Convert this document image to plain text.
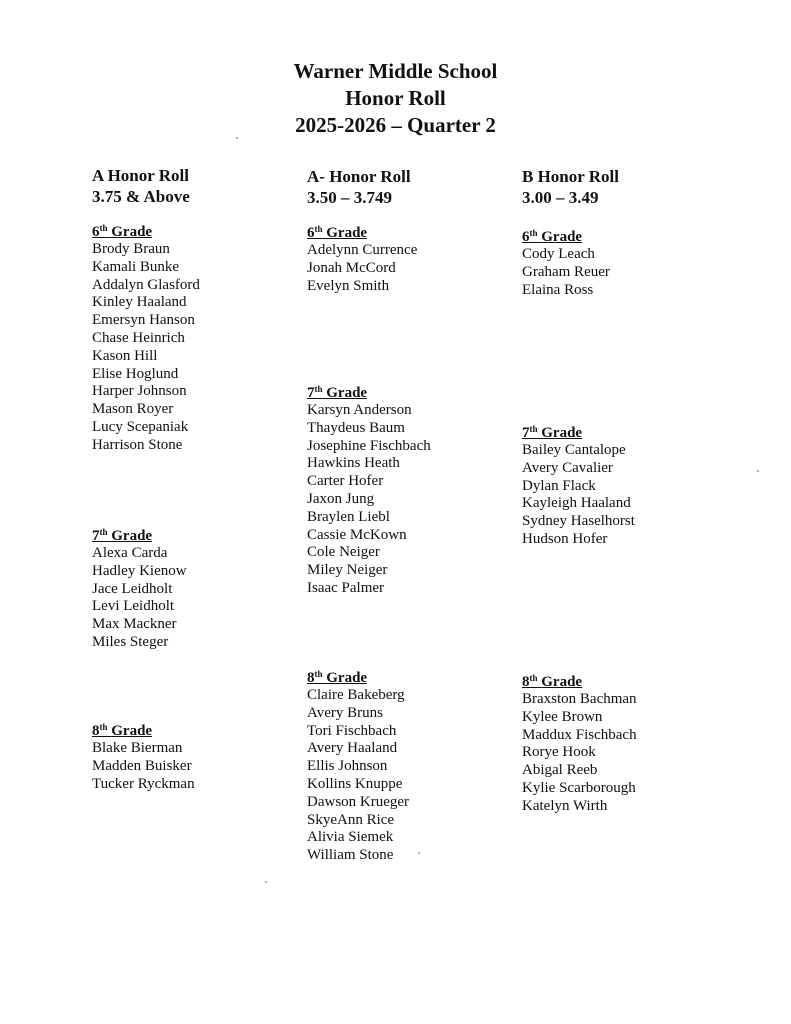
Warner Middle School
Honor Roll
2025-2026 – Quarter 2
A Honor Roll
3.75 & Above
6th Grade
Brody Braun
Kamali Bunke
Addalyn Glasford
Kinley Haaland
Emersyn Hanson
Chase Heinrich
Kason Hill
Elise Hoglund
Harper Johnson
Mason Royer
Lucy Scepaniak
Harrison Stone
7th Grade
Alexa Carda
Hadley Kienow
Jace Leidholt
Levi Leidholt
Max Mackner
Miles Steger
8th Grade
Blake Bierman
Madden Buisker
Tucker Ryckman
A- Honor Roll
3.50 – 3.749
6th Grade
Adelynn Currence
Jonah McCord
Evelyn Smith
7th Grade
Karsyn Anderson
Thaydeus Baum
Josephine Fischbach
Hawkins Heath
Carter Hofer
Jaxon Jung
Braylen Liebl
Cassie McKown
Cole Neiger
Miley Neiger
Isaac Palmer
8th Grade
Claire Bakeberg
Avery Bruns
Tori Fischbach
Avery Haaland
Ellis Johnson
Kollins Knuppe
Dawson Krueger
SkyeAnn Rice
Alivia Siemek
William Stone
B Honor Roll
3.00 – 3.49
6th Grade
Cody Leach
Graham Reuer
Elaina Ross
7th Grade
Bailey Cantalope
Avery Cavalier
Dylan Flack
Kayleigh Haaland
Sydney Haselhorst
Hudson Hofer
8th Grade
Braxston Bachman
Kylee Brown
Maddux Fischbach
Rorye Hook
Abigal Reeb
Kylie Scarborough
Katelyn Wirth
